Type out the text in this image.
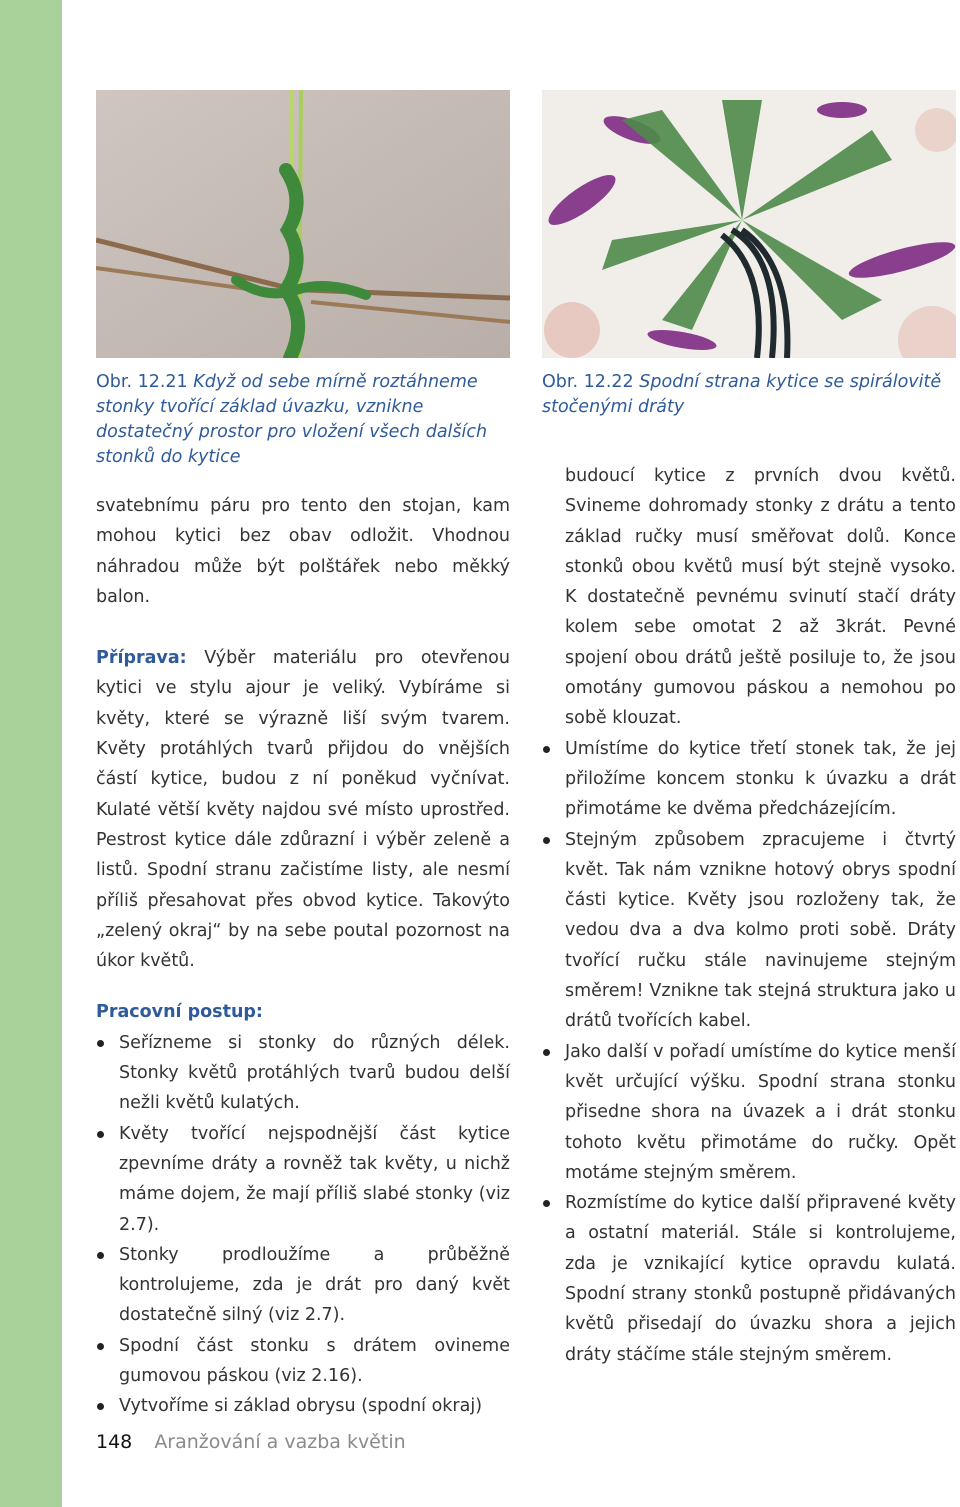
Obr. 12.21 Když od sebe mírně roztáhneme stonky tvořící základ úvazku, vznikne dostatečný prostor pro vložení všech dalších stonků do kytice
Obr. 12.22 Spodní strana kytice se spirálovitě stočenými dráty

svatebnímu páru pro tento den stojan, kam mohou kytici bez obav odložit. Vhodnou náhradou může být polštářek nebo měkký balon.

Příprava: Výběr materiálu pro otevřenou kytici ve stylu ajour je veliký. Vybíráme si květy, které se výrazně liší svým tvarem. Květy protáhlých tvarů přijdou do vnějších částí kytice, budou z ní poněkud vyčnívat. Kulaté větší květy najdou své místo uprostřed. Pestrost kytice dále zdůrazní i výběr zeleně a listů. Spodní stranu začistíme listy, ale nesmí příliš přesahovat přes obvod kytice. Takovýto „zelený okraj“ by na sebe poutal pozornost na úkor květů.

Pracovní postup:

Seřízneme si stonky do různých délek. Stonky květů protáhlých tvarů budou delší nežli květů kulatých.
Květy tvořící nejspodnější část kytice zpevníme dráty a rovněž tak květy, u nichž máme dojem, že mají příliš slabé stonky (viz 2.7).
Stonky prodloužíme a průběžně kontrolujeme, zda je drát pro daný květ dostatečně silný (viz 2.7).
Spodní část stonku s drátem ovineme gumovou páskou (viz 2.16).
Vytvoříme si základ obrysu (spodní okraj)

budoucí kytice z prvních dvou květů. Svineme dohromady stonky z drátu a tento základ ručky musí směřovat dolů. Konce stonků obou květů musí být stejně vysoko. K dostatečně pevnému svinutí stačí dráty kolem sebe omotat 2 až 3krát. Pevné spojení obou drátů ještě posiluje to, že jsou omotány gumovou páskou a nemohou po sobě klouzat.

Umístíme do kytice třetí stonek tak, že jej přiložíme koncem stonku k úvazku a drát přimotáme ke dvěma předcházejícím.
Stejným způsobem zpracujeme i čtvrtý květ. Tak nám vznikne hotový obrys spodní části kytice. Květy jsou rozloženy tak, že vedou dva a dva kolmo proti sobě. Dráty tvořící ručku stále navinujeme stejným směrem! Vznikne tak stejná struktura jako u drátů tvořících kabel.
Jako další v pořadí umístíme do kytice menší květ určující výšku. Spodní strana stonku přisedne shora na úvazek a i drát stonku tohoto květu přimotáme do ručky. Opět motáme stejným směrem.
Rozmístíme do kytice další připravené květy a ostatní materiál. Stále si kontrolujeme, zda je vznikající kytice opravdu kulatá. Spodní strany stonků postupně přidávaných květů přisedají do úvazku shora a jejich dráty stáčíme stále stejným směrem.
148 Aranžování a vazba květin
